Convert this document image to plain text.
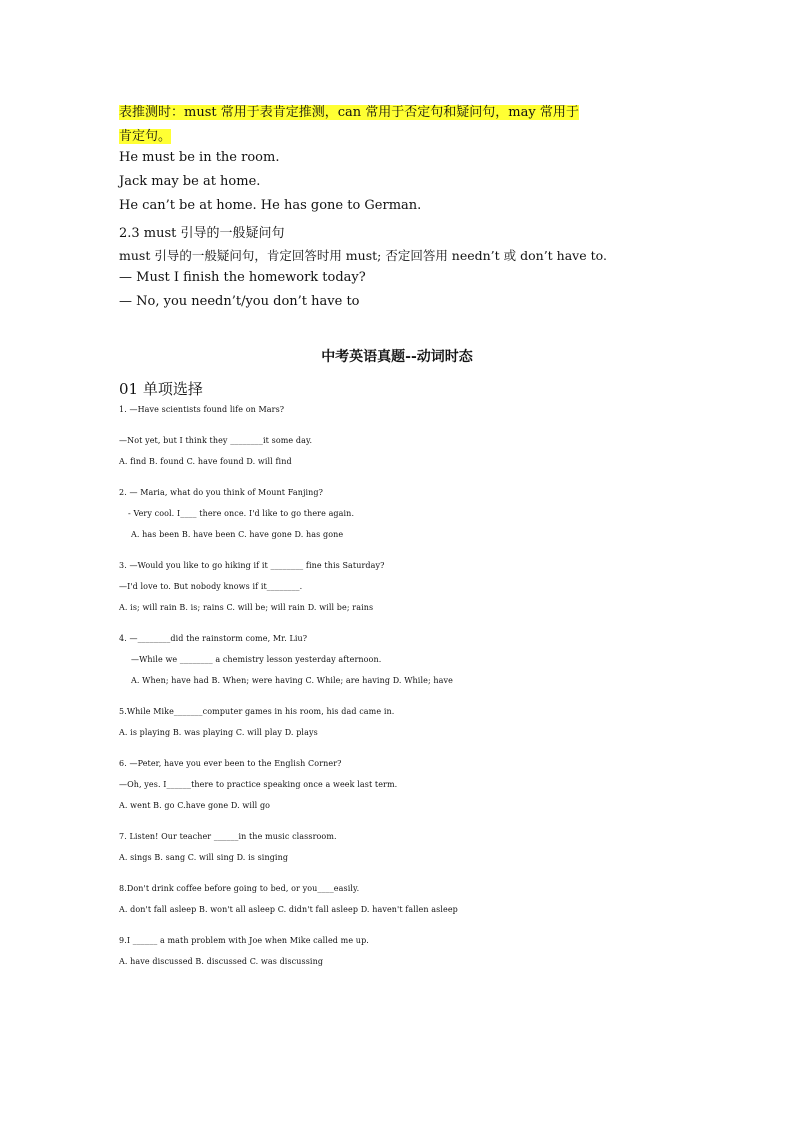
表推测时：must 常用于表肯定推测，can 常用于否定句和疑问句，may 常用于
肯定句。
He must be in the room.
Jack may be at home.
He can’t be at home. He has gone to German.
2.3 must 引导的一般疑问句
must 引导的一般疑问句，肯定回答时用 must; 否定回答用 needn’t 或 don’t have to.
— Must I finish the homework today?
— No, you needn’t/you don’t have to
中考英语真题--动词时态
01 单项选择
1. —Have scientists found life on Mars?
—Not yet, but I think they ________it some day.
A. find B. found C. have found D. will find
2. — Maria, what do you think of Mount Fanjing?
- Very cool. I____ there once. I'd like to go there again.
A. has been B. have been C. have gone D. has gone
3. —Would you like to go hiking if it ________ fine this Saturday?
—I'd love to. But nobody knows if it________.
A. is; will rain B. is; rains C. will be; will rain D. will be; rains
4. —________did the rainstorm come, Mr. Liu?
—While we ________ a chemistry lesson yesterday afternoon.
A. When; have had B. When; were having C. While; are having D. While; have
5.While Mike_______computer games in his room, his dad came in.
A. is playing B. was playing C. will play D. plays
6. —Peter, have you ever been to the English Corner?
—Oh, yes. I______there to practice speaking once a week last term.
A. went B. go C.have gone D. will go
7. Listen! Our teacher ______in the music classroom.
A. sings B. sang C. will sing D. is singing
8.Don't drink coffee before going to bed, or you____easily.
A. don't fall asleep B. won't all asleep C. didn't fall asleep D. haven't fallen asleep
9.I ______ a math problem with Joe when Mike called me up.
A. have discussed B. discussed C. was discussing
